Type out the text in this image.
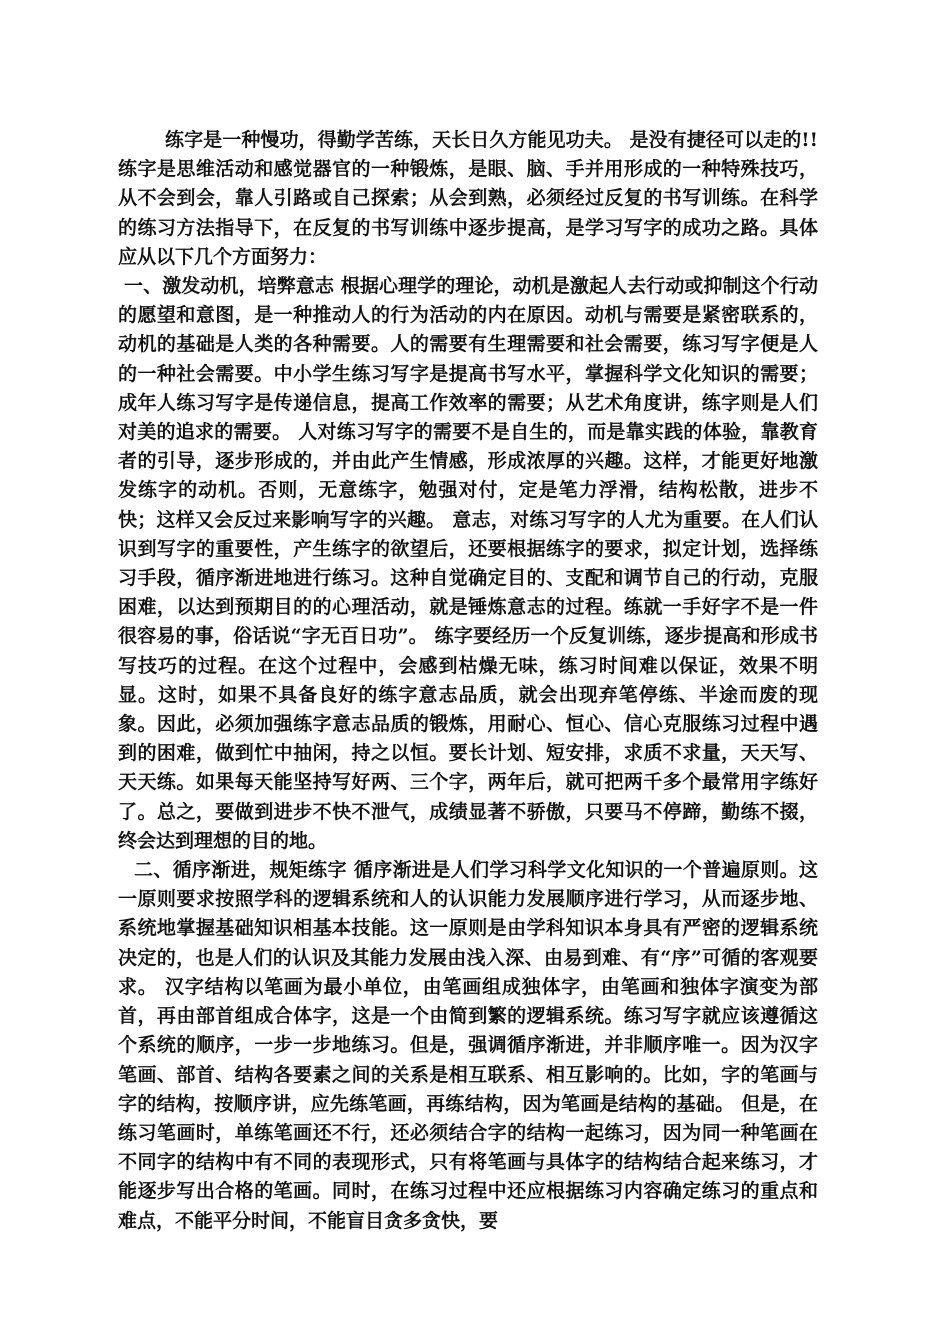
练字是一种慢功，得勤学苦练，天长日久方能见功夫。 是没有捷径可以走的!! 练字是思维活动和感觉器官的一种锻炼，是眼、脑、手并用形成的一种特殊技巧，从不会到会，靠人引路或自己探索；从会到熟，必须经过反复的书写训练。在科学的练习方法指导下，在反复的书写训练中逐步提高，是学习写字的成功之路。具体应从以下几个方面努力：

一、激发动机，培弊意志 根据心理学的理论，动机是激起人去行动或抑制这个行动的愿望和意图，是一种推动人的行为活动的内在原因。动机与需要是紧密联系的，动机的基础是人类的各种需要。人的需要有生理需要和社会需要，练习写字便是人的一种社会需要。中小学生练习写字是提高书写水平，掌握科学文化知识的需要；成年人练习写字是传递信息，提高工作效率的需要；从艺术角度讲，练字则是人们对美的追求的需要。 人对练习写字的需要不是自生的，而是靠实践的体验，靠教育者的引导，逐步形成的，并由此产生情感，形成浓厚的兴趣。这样，才能更好地激发练字的动机。否则，无意练字，勉强对付，定是笔力浮滑，结构松散，进步不快；这样又会反过来影响写字的兴趣。 意志，对练习写字的人尤为重要。在人们认识到写字的重要性，产生练字的欲望后，还要根据练字的要求，拟定计划，选择练习手段，循序渐进地进行练习。这种自觉确定目的、支配和调节自己的行动，克服困难，以达到预期目的的心理活动，就是锤炼意志的过程。练就一手好字不是一件很容易的事，俗话说“字无百日功”。 练字要经历一个反复训练，逐步提高和形成书写技巧的过程。在这个过程中，会感到枯燥无味，练习时间难以保证，效果不明显。这时，如果不具备良好的练字意志品质，就会出现弃笔停练、半途而废的现象。因此，必须加强练字意志品质的锻炼，用耐心、恒心、信心克服练习过程中遇到的困难，做到忙中抽闲，持之以恒。要长计划、短安排，求质不求量，天天写、天天练。如果每天能坚持写好两、三个字，两年后，就可把两千多个最常用字练好了。总之，要做到进步不快不泄气，成绩显著不骄傲，只要马不停蹄，勤练不掇，终会达到理想的目的地。

二、循序渐进，规矩练字 循序渐进是人们学习科学文化知识的一个普遍原则。这一原则要求按照学科的逻辑系统和人的认识能力发展顺序进行学习，从而逐步地、系统地掌握基础知识相基本技能。这一原则是由学科知识本身具有严密的逻辑系统决定的，也是人们的认识及其能力发展由浅入深、由易到难、有“序”可循的客观要求。 汉字结构以笔画为最小单位，由笔画组成独体字，由笔画和独体字演变为部首，再由部首组成合体字，这是一个由简到繁的逻辑系统。练习写字就应该遵循这个系统的顺序，一步一步地练习。但是，强调循序渐进，并非顺序唯一。因为汉字笔画、部首、结构各要素之间的关系是相互联系、相互影响的。比如，字的笔画与字的结构，按顺序讲，应先练笔画，再练结构，因为笔画是结构的基础。 但是，在练习笔画时，单练笔画还不行，还必须结合字的结构一起练习，因为同一种笔画在不同字的结构中有不同的表现形式，只有将笔画与具体字的结构结合起来练习，才能逐步写出合格的笔画。同时，在练习过程中还应根据练习内容确定练习的重点和难点，不能平分时间，不能盲目贪多贪快，要
